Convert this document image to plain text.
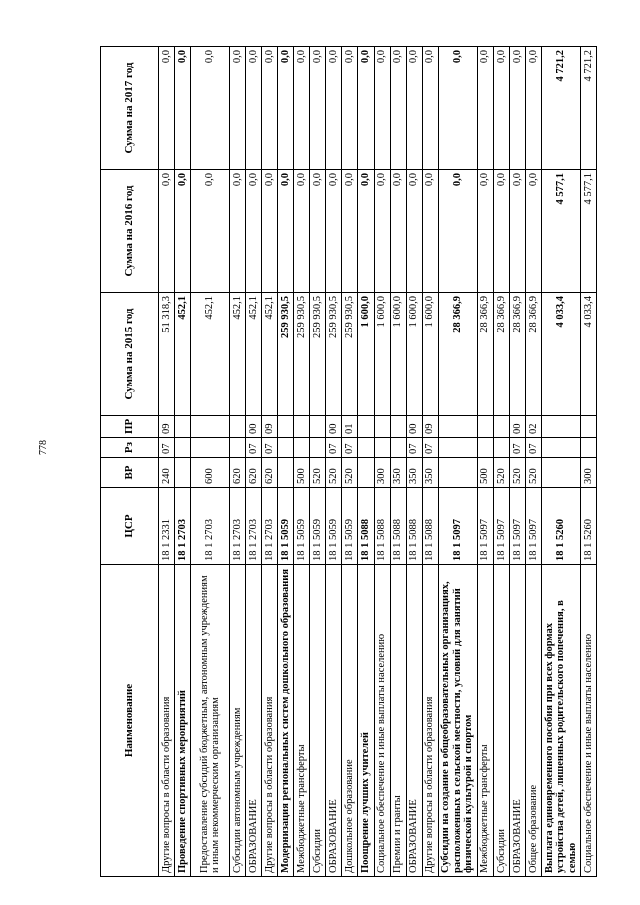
778
Наименование	ЦСР	ВР	Рз	ПР	Сумма на 2015 год	Сумма на 2016 год	Сумма на 2017 год
Другие вопросы в области образования	18 1 2331	240	07	09	51 318,3	0,0	0,0
Проведение спортивных мероприятий	18 1 2703				452,1	0,0	0,0
Предоставление субсидий бюджетным, автономным учреждениям и иным некоммерческим организациям	18 1 2703	600			452,1	0,0	0,0
Субсидии автономным учреждениям	18 1 2703	620			452,1	0,0	0,0
ОБРАЗОВАНИЕ	18 1 2703	620	07	00	452,1	0,0	0,0
Другие вопросы в области образования	18 1 2703	620	07	09	452,1	0,0	0,0
Модернизация региональных систем дошкольного образования	18 1 5059				259 930,5	0,0	0,0
Межбюджетные трансферты	18 1 5059	500			259 930,5	0,0	0,0
Субсидии	18 1 5059	520			259 930,5	0,0	0,0
ОБРАЗОВАНИЕ	18 1 5059	520	07	00	259 930,5	0,0	0,0
Дошкольное образование	18 1 5059	520	07	01	259 930,5	0,0	0,0
Поощрение лучших учителей	18 1 5088				1 600,0	0,0	0,0
Социальное обеспечение и иные выплаты населению	18 1 5088	300			1 600,0	0,0	0,0
Премии и гранты	18 1 5088	350			1 600,0	0,0	0,0
ОБРАЗОВАНИЕ	18 1 5088	350	07	00	1 600,0	0,0	0,0
Другие вопросы в области образования	18 1 5088	350	07	09	1 600,0	0,0	0,0
Субсидии на создание в общеобразовательных организациях, расположенных в сельской местности, условий для занятий физической культурой и спортом	18 1 5097				28 366,9	0,0	0,0
Межбюджетные трансферты	18 1 5097	500			28 366,9	0,0	0,0
Субсидии	18 1 5097	520			28 366,9	0,0	0,0
ОБРАЗОВАНИЕ	18 1 5097	520	07	00	28 366,9	0,0	0,0
Общее образование	18 1 5097	520	07	02	28 366,9	0,0	0,0
Выплата единовременного пособия при всех формах устройства детей, лишенных родительского попечения, в семью	18 1 5260				4 033,4	4 577,1	4 721,2
Социальное обеспечение и иные выплаты населению	18 1 5260	300			4 033,4	4 577,1	4 721,2
